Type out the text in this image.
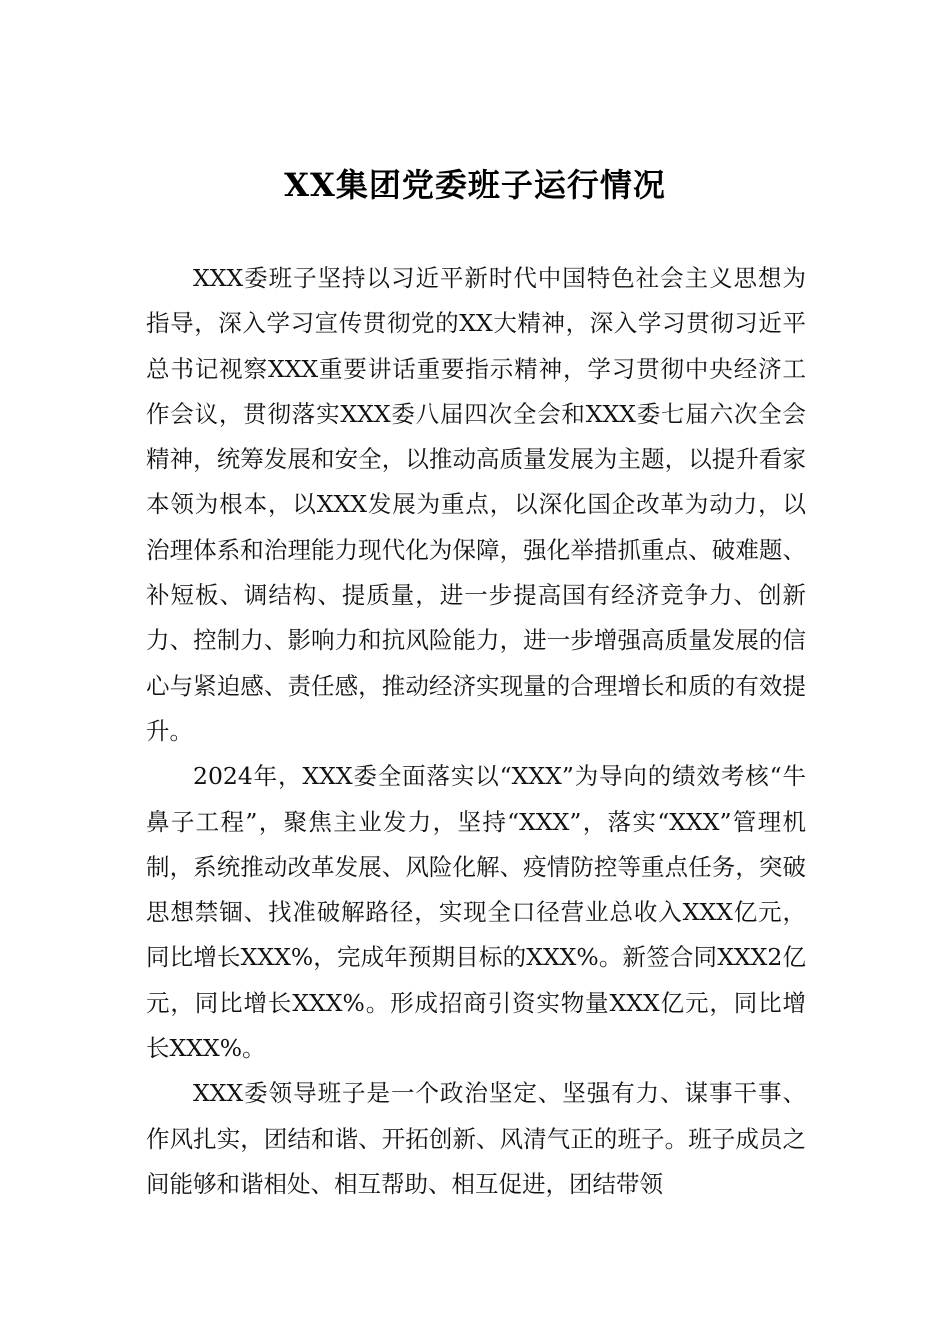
XX集团党委班子运行情况

XXX委班子坚持以习近平新时代中国特色社会主义思想为指导，深入学习宣传贯彻党的XX大精神，深入学习贯彻习近平总书记视察XXX重要讲话重要指示精神，学习贯彻中央经济工作会议，贯彻落实XXX委八届四次全会和XXX委七届六次全会精神，统筹发展和安全，以推动高质量发展为主题，以提升看家本领为根本，以XXX发展为重点，以深化国企改革为动力，以治理体系和治理能力现代化为保障，强化举措抓重点、破难题、补短板、调结构、提质量，进一步提高国有经济竞争力、创新力、控制力、影响力和抗风险能力，进一步增强高质量发展的信心与紧迫感、责任感，推动经济实现量的合理增长和质的有效提升。

2024年，XXX委全面落实以“XXX”为导向的绩效考核“牛鼻子工程”，聚焦主业发力，坚持“XXX”，落实“XXX”管理机制，系统推动改革发展、风险化解、疫情防控等重点任务，突破思想禁锢、找准破解路径，实现全口径营业总收入XXX亿元，同比增长XXX%，完成年预期目标的XXX%。新签合同XXX2亿元，同比增长XXX%。形成招商引资实物量XXX亿元，同比增长XXX%。

XXX委领导班子是一个政治坚定、坚强有力、谋事干事、作风扎实，团结和谐、开拓创新、风清气正的班子。班子成员之间能够和谐相处、相互帮助、相互促进，团结带领
